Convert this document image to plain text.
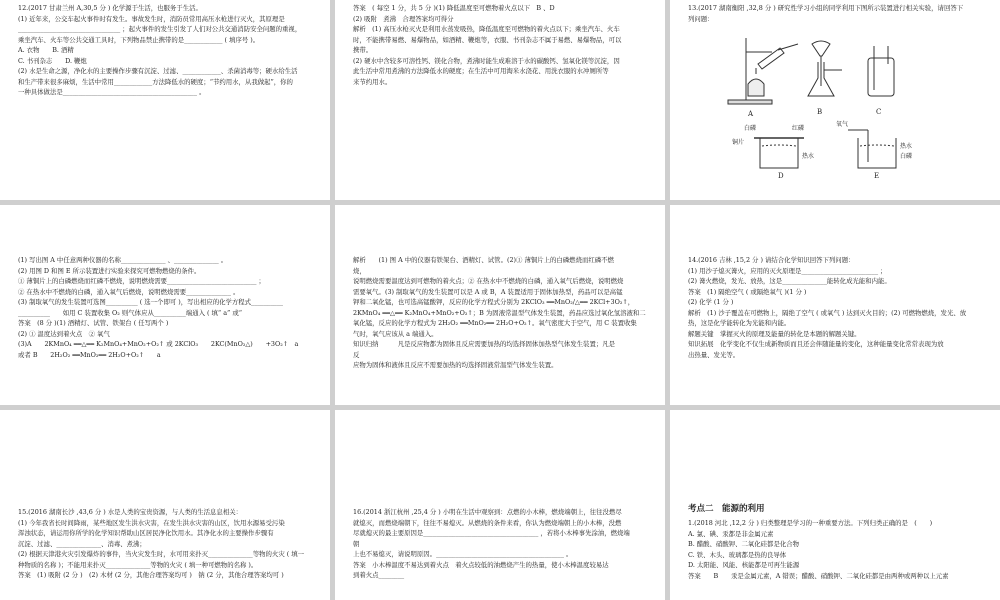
12.(2017 甘肃兰州 A,30,5 分 ) 化学源于生活，也服务于生活。
(1) 近年来，公交车起火事件时有发生。事故发生时，消防员常用高压水枪进行灭火，其原理是
________________________________ ；起火事件的发生引发了人们对公共交通消防安全问题的重视，
乘坐汽车、火车等公共交通工具时，下列物品禁止携带的是____________ ( 填序号 )。
A. 衣物　　B. 酒精
C. 书刊杂志　　D. 鞭炮
(2) 水是生命之源，净化水的主要操作步骤有沉淀、过滤、____________、杀菌消毒等；硬水给生活
和生产带来很多麻烦，生活中常用____________方法降低水的硬度；“节约用水，从我做起”，你的
一种具体做法是__________________________________________ 。
答案　( 每空 1 分，共 5 分 )(1) 降低温度至可燃物着火点以下　B 、D
(2) 吸附　煮沸　合理答案均可得分
解析　(1) 高压水枪灭火是利用水蒸发吸热，降低温度至可燃物的着火点以下；乘坐汽车、火车
时，不能携带易燃、易爆物品，如酒精、鞭炮等，衣服、书刊杂志不属于易燃、易爆物品，可以
携带。
(2) 硬水中含较多可溶性钙、镁化合物，煮沸时能生成难溶于水的碳酸钙、氢氧化镁等沉淀，因
此生活中常用煮沸的方法降低水的硬度；在生活中可用淘米水浇花、用洗衣服的水冲厕所等
来节约用水。
13.(2017 湖南衡阳 ,32,8 分 ) 研究性学习小组的同学利用下图所示装置进行相关实验，请回答下
列问题：
A	B	C
白磷	红磷
铜片
热水
D
氧气
热水
白磷
E
(1) 写出图 A 中任意两种仪器的名称______________ 、______________ 。
(2) 用图 D 和图 E 所示装置进行实验来探究可燃物燃烧的条件。
① 薄铜片上的白磷燃烧而红磷不燃烧，说明燃烧需要____________________________ ；
② 在热水中不燃烧的白磷，通入氧气后燃烧，说明燃烧需要______________ 。
(3) 制取氧气的发生装置可选图__________ ( 选一个即可 )，写出相应的化学方程式__________
__________　　如用 C 装置收集 O₂ 则气体应从__________端通入 ( 填“ a” 或“
答案　(8 分 )(1) 酒精灯、试管、铁架台 ( 任写两个 )
(2) ① 温度达到着火点　② 氧气
(3)A　　2KMnO₄ ══△══ K₂MnO₄+MnO₂+O₂↑ 或 2KClO₃　　2KC(MnO₂△)　　+3O₂↑　a
或者 B　　2H₂O₂ ══MnO₂══ 2H₂O+O₂↑　　a
解析　　(1) 图 A 中的仪器有铁架台、酒精灯、试管。(2)① 薄铜片上的白磷燃烧而红磷不燃
烧，
说明燃烧需要温度达到可燃物的着火点；② 在热水中不燃烧的白磷，通入氧气后燃烧，说明燃烧
需要氧气。(3) 制取氧气的发生装置可以是 A 或 B，A 装置适用于固体加热型，药品可以是高锰
钾和二氧化锰，也可选高锰酸钾，反应的化学方程式分别为 2KClO₃ ══MnO₂/△══ 2KCl+3O₂↑，
2KMnO₄ ══△══ K₂MnO₄+MnO₂+O₂↑；B 为固液常温型气体发生装置，药品应选过氧化氢溶液和二
氧化锰，反应的化学方程式为 2H₂O₂ ══MnO₂══ 2H₂O+O₂↑。氧气密度大于空气，用 C 装置收集
气时，氧气应该从 a 端通入。
知识归纳　　　凡是反应物都为固体且反应需要加热的均选择固体加热型气体发生装置；凡是
反
应物为固体和液体且反应不需要加热的均选择固液常温型气体发生装置。
14.(2016 吉林 ,15,2 分 ) 请结合化学知识回答下列问题：
(1) 用沙子熄灭篝火，应用的灭火原理是________________________ ；
(2) 篝火燃烧，发光、放热，这是______________能转化成光能和内能。
答案　(1) 隔绝空气 ( 或隔绝氧气 )(1 分 )
(2) 化学 (1 分 )
解析　(1) 沙子覆盖在可燃物上，隔绝了空气 ( 或氧气 ) 达到灭火目的；(2) 可燃物燃烧，发光、放
热，这是化学能转化为光能和内能。
解题关键　掌握灭火的原理及能量的转化是本题的解题关键。
知识拓展　化学变化不仅生成新物质而且还会伴随能量的变化，这种能量变化常常表现为放
出热量、发光等。
15.(2016 湖南长沙 ,43,6 分 ) 水是人类的宝贵资源，与人类的生活息息相关：
(1) 今年我省长时间降雨，某些地区发生洪水灾害，在发生洪水灾害的山区，饮用水源易受污染
浑浊状态，请运用你所学的化学知识帮助山区居民净化饮用水。其净化水的主要操作步骤有
沉淀、过滤、______________、消毒、煮沸；
(2) 根据天津港火灾引发爆炸的事件，当火灾发生时，水可用来扑灭______________等物的火灾 ( 填一
种物质的名称 )；不能用来扑灭______________等物的火灾 ( 填一种可燃物的名称 )。
答案　(1) 吸附 (2 分 )　(2) 木材 (2 分，其他合理答案均可 )　钠 (2 分，其他合理答案均可 )
16.(2014 浙江杭州 ,25,4 分 ) 小明在生活中观察到：点燃的小木棒，燃烧端朝上，往往没燃尽
就熄灭，而燃烧端朝下，往往不易熄灭。从燃烧的条件来看，你认为燃烧端朝上的小木棒，没燃
尽就熄灭的最主要原因是____________________________________ ，若将小木棒事先涂油，燃烧端
朝
上也不易熄灭，请说明原因。________________________________________ 。
答案　小木棒温度不易达到着火点　着火点较低的油燃烧产生的热量，使小木棒温度较易达
到着火点________
考点二　能源的利用
1.(2018 河北 ,12,2 分 ) 归类整理是学习的一种重要方法。下列归类正确的是　(　　)
A. 氯、碘、汞都是非金属元素
B. 醋酸、硝酸钾、二氧化硅都是化合物
C. 铁、木头、玻璃都是热的良导体
D. 太阳能、风能、核能都是可再生能源
答案　　B　　汞是金属元素，A 错误；醋酸、硝酸钾、二氧化硅都是由两种或两种以上元素
